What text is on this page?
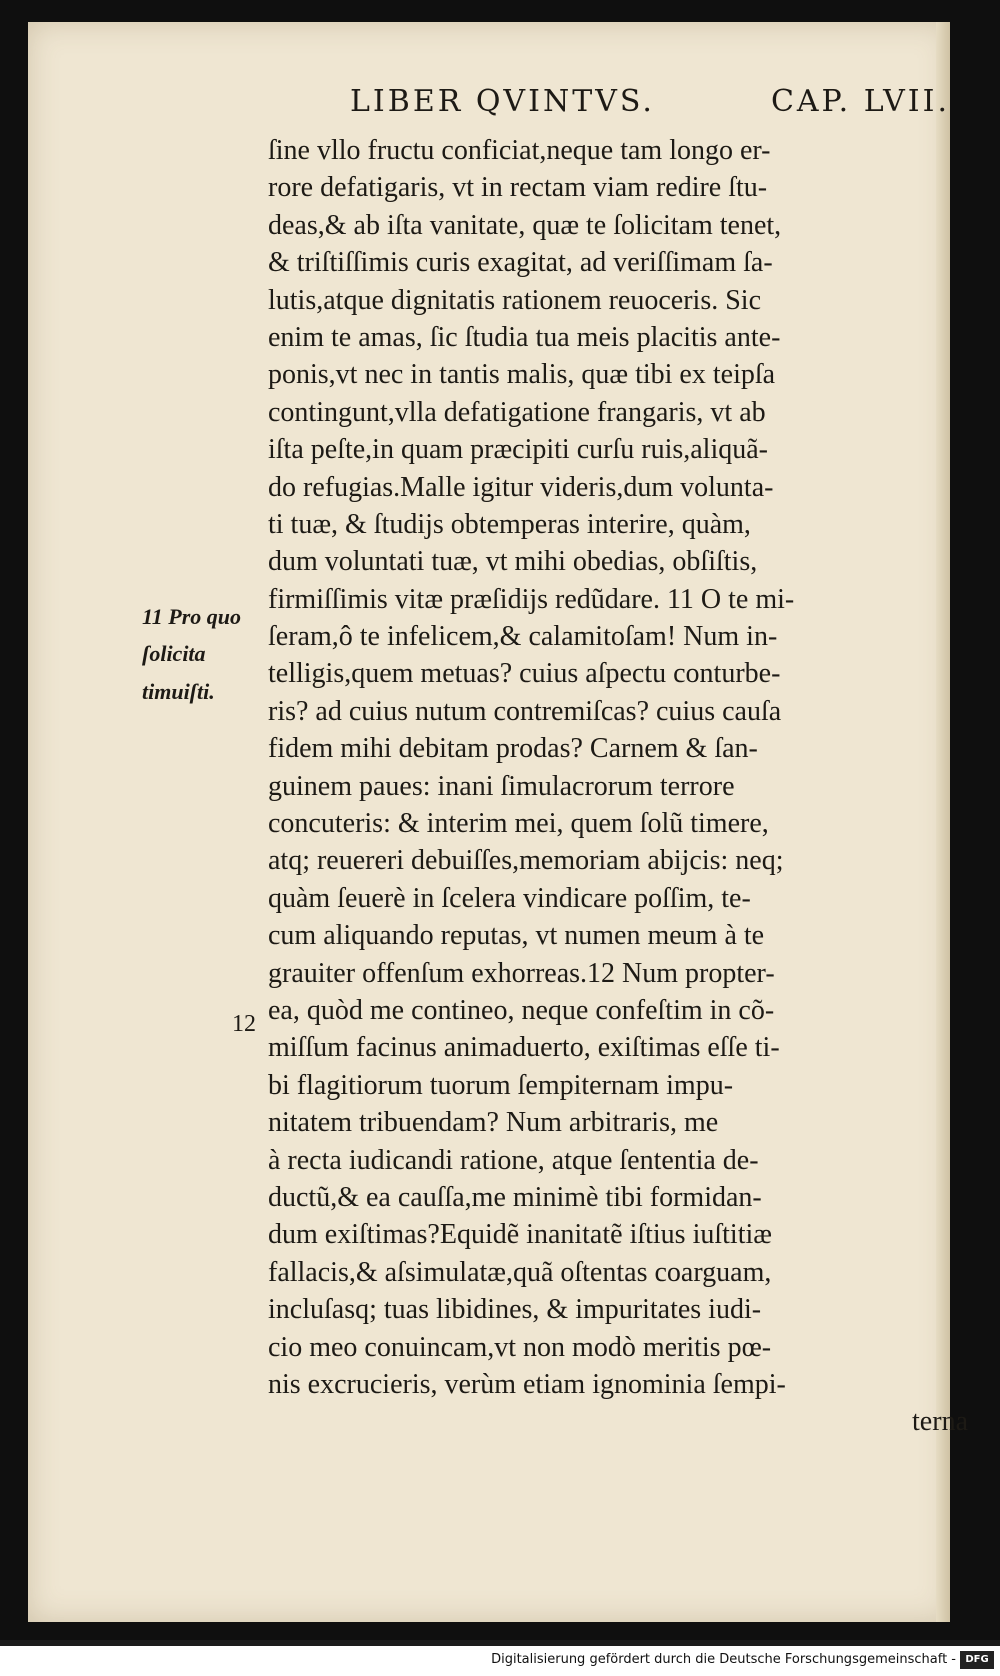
LIBER QVINTVS.	CAP. LVII.
11 Pro quo
ſolicita
timuiſti.
12
ſine vllo fructu conficiat,neque tam longo er-
rore defatigaris, vt in rectam viam redire ſtu-
deas,& ab iſta vanitate, quæ te ſolicitam tenet,
& triſtiſſimis curis exagitat, ad veriſſimam ſa-
lutis,atque dignitatis rationem reuoceris. Sic
enim te amas, ſic ſtudia tua meis placitis ante-
ponis,vt nec in tantis malis, quæ tibi ex teipſa
contingunt,vlla defatigatione frangaris, vt ab
iſta peſte,in quam præcipiti curſu ruis,aliquã-
do refugias.Malle igitur videris,dum volunta-
ti tuæ, & ſtudijs obtemperas interire, quàm,
dum voluntati tuæ, vt mihi obedias, obſiſtis,
firmiſſimis vitæ præſidijs redũdare. 11 O te mi-
ſeram,ô te infelicem,& calamitoſam! Num in-
telligis,quem metuas? cuius aſpectu conturbe-
ris? ad cuius nutum contremiſcas? cuius cauſa
fidem mihi debitam prodas? Carnem & ſan-
guinem paues: inani ſimulacrorum terrore
concuteris: & interim mei, quem ſolũ timere,
atq; reuereri debuiſſes,memoriam abijcis: neq;
quàm ſeuerè in ſcelera vindicare poſſim, te-
cum aliquando reputas, vt numen meum à te
grauiter offenſum exhorreas.12 Num propter-
ea, quòd me contineo, neque confeſtim in cõ-
miſſum facinus animaduerto, exiſtimas eſſe ti-
bi flagitiorum tuorum ſempiternam impu-
nitatem tribuendam? Num arbitraris, me
à recta iudicandi ratione, atque ſententia de-
ductũ,& ea cauſſa,me minimè tibi formidan-
dum exiſtimas?Equidẽ inanitatẽ iſtius iuſtitiæ
fallacis,& aſsimulatæ,quã oſtentas coarguam,
incluſasq; tuas libidines, & impuritates iudi-
cio meo conuincam,vt non modò meritis pœ-
nis excrucieris, verùm etiam ignominia ſempi-
terna
Digitalisierung gefördert durch die Deutsche Forschungsgemeinschaft - DFG
